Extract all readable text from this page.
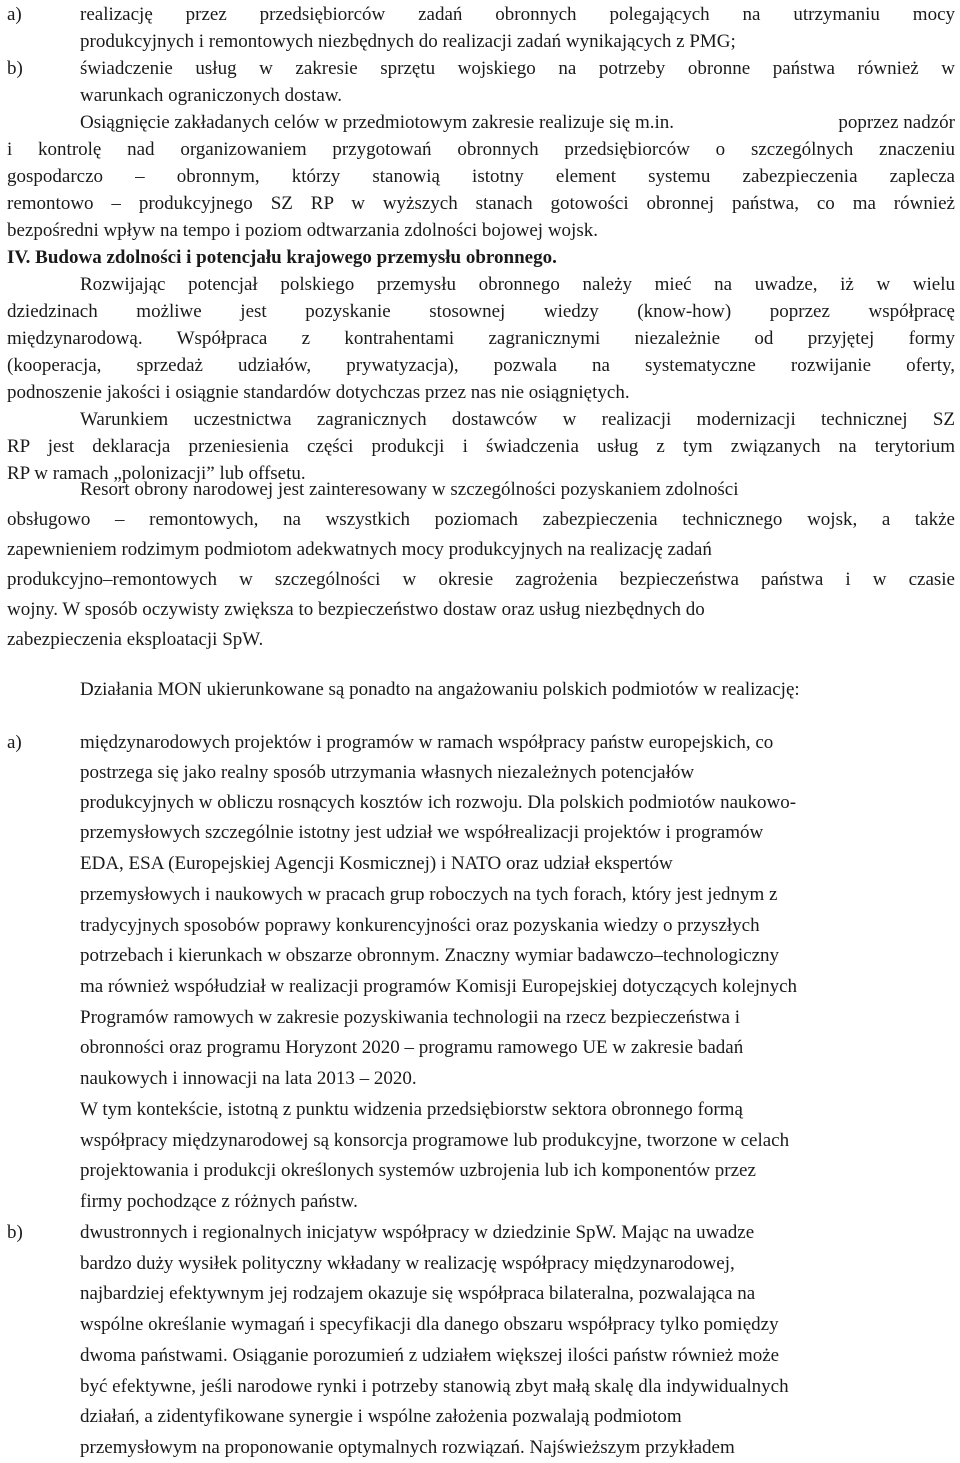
realizację przez przedsiębiorców zadań obronnych polegających na utrzymaniu mocy
a)
produkcyjnych i remontowych niezbędnych do realizacji zadań wynikających z PMG;
świadczenie usług w zakresie sprzętu wojskiego na potrzeby obronne państwa również w
b)
warunkach ograniczonych dostaw.
Osiągnięcie zakładanych celów w przedmiotowym zakresie realizuje się m.in.
i kontrolę nad organizowaniem przygotowań obronnych przedsiębiorców o szczególnych znaczeniu
gospodarczo – obronnym, którzy stanowią istotny element systemu zabezpieczenia zaplecza
remontowo – produkcyjnego SZ RP w wyższych stanach gotowości obronnej państwa, co ma również
bezpośredni wpływ na tempo i poziom odtwarzania zdolności bojowej wojsk.
IV. Budowa zdolności i potencjału krajowego przemysłu obronnego.
Rozwijając potencjał polskiego przemysłu obronnego należy mieć na uwadze, iż w wielu
dziedzinach możliwe jest pozyskanie stosownej wiedzy (know-how) poprzez współpracę
międzynarodową. Współpraca z kontrahentami zagranicznymi niezależnie od przyjętej formy
(kooperacja, sprzedaż udziałów, prywatyzacja), pozwala na systematyczne rozwijanie oferty,
podnoszenie jakości i osiągnie standardów dotychczas przez nas nie osiągniętych.
Warunkiem uczestnictwa zagranicznych dostawców w realizacji modernizacji technicznej SZ
RP jest deklaracja przeniesienia części produkcji i świadczenia usług z tym związanych na terytorium
RP w ramach „polonizacji” lub offsetu.
Resort obrony narodowej jest zainteresowany w szczególności pozyskaniem zdolności
obsługowo – remontowych, na wszystkich poziomach zabezpieczenia technicznego wojsk, a także
zapewnieniem rodzimym podmiotom adekwatnych mocy produkcyjnych na realizację zadań
produkcyjno–remontowych w szczególności w okresie zagrożenia bezpieczeństwa państwa i w czasie
wojny. W sposób oczywisty zwiększa to bezpieczeństwo dostaw oraz usług niezbędnych do
zabezpieczenia eksploatacji SpW.
Działania MON ukierunkowane są ponadto na angażowaniu polskich podmiotów w realizację:
międzynarodowych projektów i programów w ramach współpracy państw europejskich, co
a)
postrzega się jako realny sposób utrzymania własnych niezależnych potencjałów
produkcyjnych w obliczu rosnących kosztów ich rozwoju. Dla polskich podmiotów naukowo-
przemysłowych szczególnie istotny jest udział we współrealizacji projektów i programów
EDA, ESA (Europejskiej Agencji Kosmicznej) i NATO oraz udział ekspertów
przemysłowych i naukowych w pracach grup roboczych na tych forach, który jest jednym z
tradycyjnych sposobów poprawy konkurencyjności oraz pozyskania wiedzy o przyszłych
potrzebach i kierunkach w obszarze obronnym. Znaczny wymiar badawczo–technologiczny
ma również współudział w realizacji programów Komisji Europejskiej dotyczących kolejnych
Programów ramowych w zakresie pozyskiwania technologii na rzecz bezpieczeństwa i
obronności oraz programu Horyzont 2020 – programu ramowego UE w zakresie badań
naukowych i innowacji na lata 2013 – 2020.
W tym kontekście, istotną z punktu widzenia przedsiębiorstw sektora obronnego formą
współpracy międzynarodowej są konsorcja programowe lub produkcyjne, tworzone w celach
projektowania i produkcji określonych systemów uzbrojenia lub ich komponentów przez
firmy pochodzące z różnych państw.
dwustronnych i regionalnych inicjatyw współpracy w dziedzinie SpW. Mając na uwadze
b)
bardzo duży wysiłek polityczny wkładany w realizację współpracy międzynarodowej,
najbardziej efektywnym jej rodzajem okazuje się współpraca bilateralna, pozwalająca na
wspólne określanie wymagań i specyfikacji dla danego obszaru współpracy tylko pomiędzy
dwoma państwami. Osiąganie porozumień z udziałem większej ilości państw również może
być efektywne, jeśli narodowe rynki i potrzeby stanowią zbyt małą skalę dla indywidualnych
działań, a zidentyfikowane synergie i wspólne założenia pozwalają podmiotom
przemysłowym na proponowanie optymalnych rozwiązań. Najświeższym przykładem
poprzez nadzór
